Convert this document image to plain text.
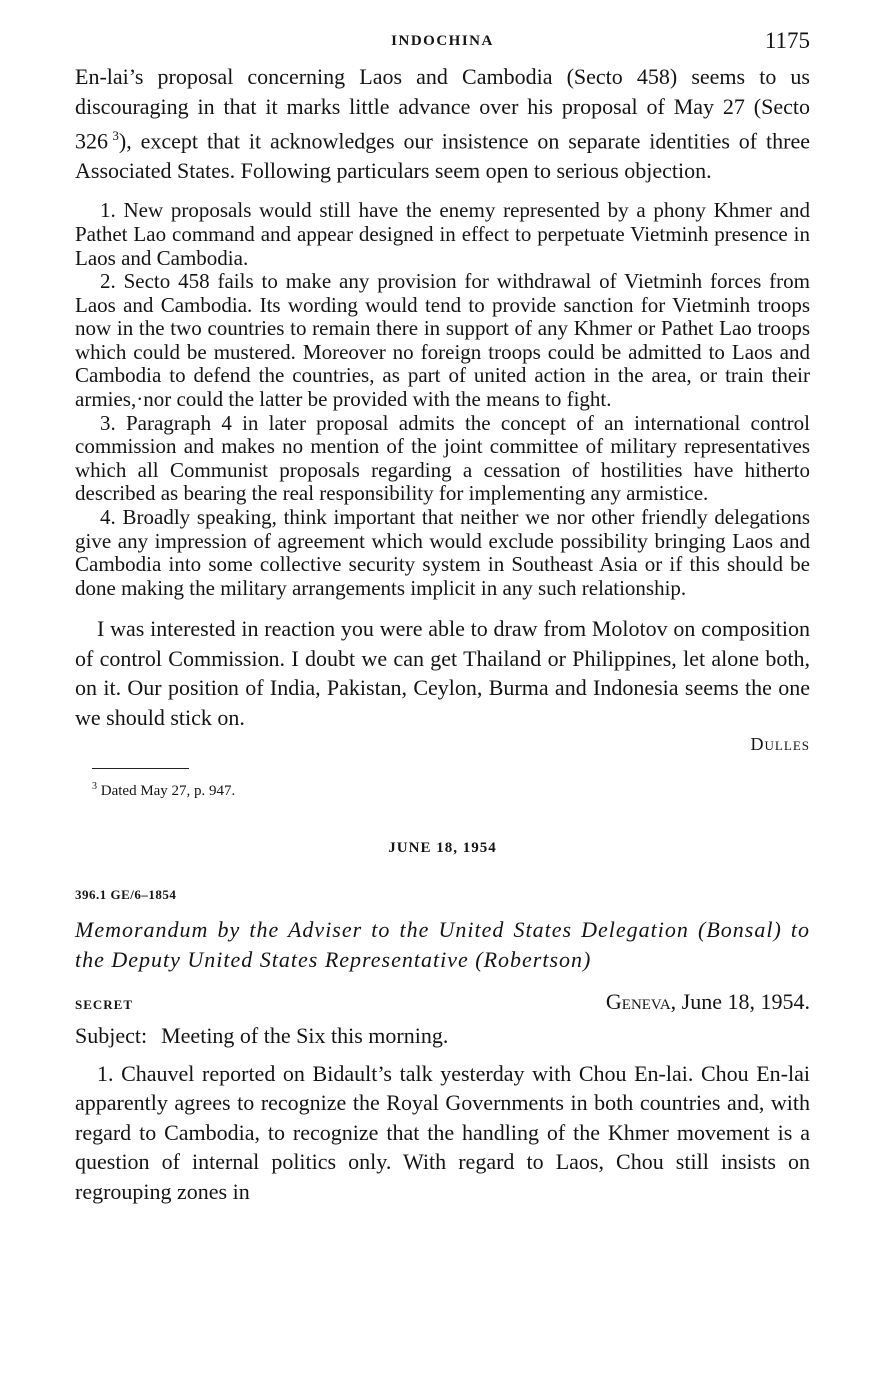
INDOCHINA	1175

En-lai’s proposal concerning Laos and Cambodia (Secto 458) seems to us discouraging in that it marks little advance over his proposal of May 27 (Secto 326  $^3$), except that it acknowledges our insistence on separate identities of three Associated States. Following particulars seem open to serious objection.

1. New proposals would still have the enemy represented by a phony Khmer and Pathet Lao command and appear designed in effect to perpetuate Vietminh presence in Laos and Cambodia.

2. Secto 458 fails to make any provision for withdrawal of Vietminh forces from Laos and Cambodia. Its wording would tend to provide sanction for Vietminh troops now in the two countries to remain there in support of any Khmer or Pathet Lao troops which could be mustered. Moreover no foreign troops could be admitted to Laos and Cambodia to defend the countries, as part of united action in the area, or train their armies,·nor could the latter be provided with the means to fight.

3. Paragraph 4 in later proposal admits the concept of an international control commission and makes no mention of the joint committee of military representatives which all Communist proposals regarding a cessation of hostilities have hitherto described as bearing the real responsibility for implementing any armistice.

4. Broadly speaking, think important that neither we nor other friendly delegations give any impression of agreement which would exclude possibility bringing Laos and Cambodia into some collective security system in Southeast Asia or if this should be done making the military arrangements implicit in any such relationship.

I was interested in reaction you were able to draw from Molotov on composition of control Commission. I doubt we can get Thailand or Philippines, let alone both, on it. Our position of India, Pakistan, Ceylon, Burma and Indonesia seems the one we should stick on.

Dulles
$^3$ Dated May 27, p. 947.
JUNE 18, 1954
396.1 GE/6–1854
Memorandum by the Adviser to the United States Delegation (Bonsal) to the Deputy United States Representative (Robertson)
SECRET	Geneva, June 18, 1954.
Subject: Meeting of the Six this morning.

1. Chauvel reported on Bidault’s talk yesterday with Chou En-lai. Chou En-lai apparently agrees to recognize the Royal Governments in both countries and, with regard to Cambodia, to recognize that the handling of the Khmer movement is a question of internal politics only. With regard to Laos, Chou still insists on regrouping zones in
